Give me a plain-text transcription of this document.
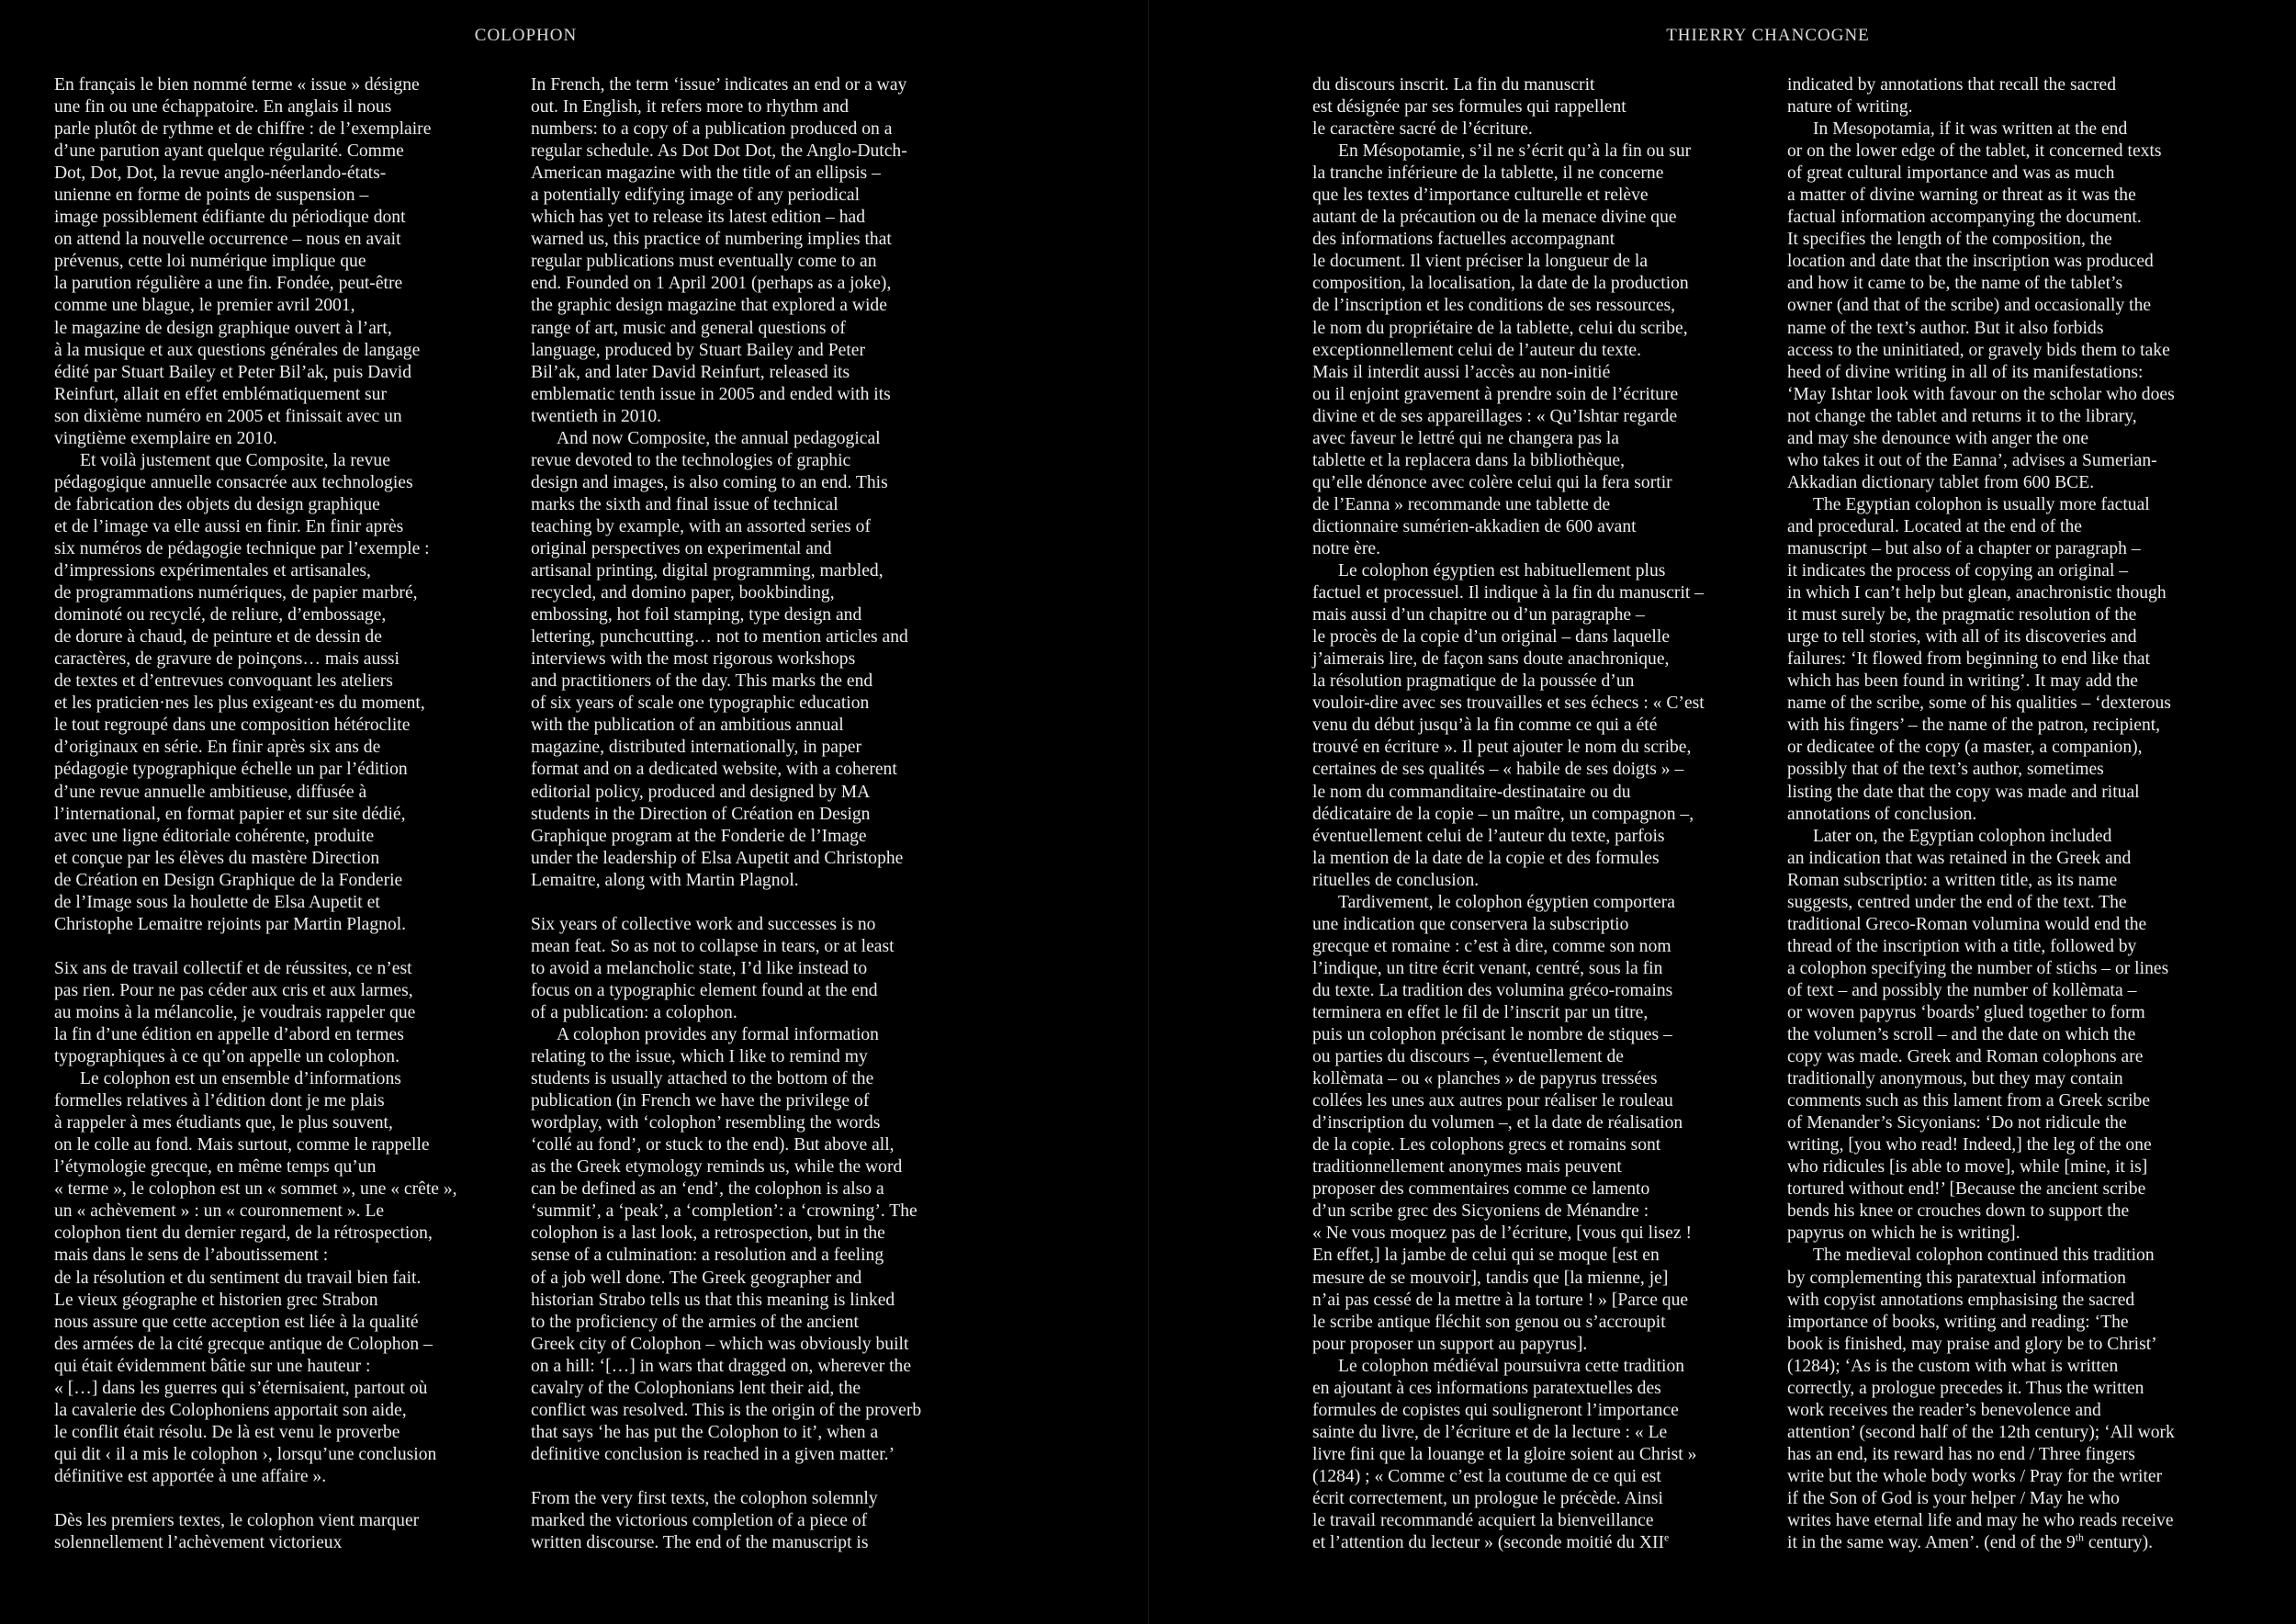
COLOPHON	THIERRY CHANCOGNE
En français le bien nommé terme « issue » désigne
une fin ou une échappatoire. En anglais il nous
parle plutôt de rythme et de chiffre : de l’exemplaire
d’une parution ayant quelque régularité. Comme
Dot, Dot, Dot, la revue anglo-néerlando-états-
unienne en forme de points de suspension –
image possiblement édifiante du périodique dont
on attend la nouvelle occurrence – nous en avait
prévenus, cette loi numérique implique que
la parution régulière a une fin. Fondée, peut-être
comme une blague, le premier avril 2001,
le magazine de design graphique ouvert à l’art,
à la musique et aux questions générales de langage
édité par Stuart Bailey et Peter Bil’ak, puis David
Reinfurt, allait en effet emblématiquement sur
son dixième numéro en 2005 et finissait avec un
vingtième exemplaire en 2010.
Et voilà justement que Composite, la revue
pédagogique annuelle consacrée aux technologies
de fabrication des objets du design graphique
et de l’image va elle aussi en finir. En finir après
six numéros de pédagogie technique par l’exemple :
d’impressions expérimentales et artisanales,
de programmations numériques, de papier marbré,
dominoté ou recyclé, de reliure, d’embossage,
de dorure à chaud, de peinture et de dessin de
caractères, de gravure de poinçons… mais aussi
de textes et d’entrevues convoquant les ateliers
et les praticien·nes les plus exigeant·es du moment,
le tout regroupé dans une composition hétéroclite
d’originaux en série. En finir après six ans de
pédagogie typographique échelle un par l’édition
d’une revue annuelle ambitieuse, diffusée à
l’international, en format papier et sur site dédié,
avec une ligne éditoriale cohérente, produite
et conçue par les élèves du mastère Direction
de Création en Design Graphique de la Fonderie
de l’Image sous la houlette de Elsa Aupetit et
Christophe Lemaitre rejoints par Martin Plagnol.

Six ans de travail collectif et de réussites, ce n’est
pas rien. Pour ne pas céder aux cris et aux larmes,
au moins à la mélancolie, je voudrais rappeler que
la fin d’une édition en appelle d’abord en termes
typographiques à ce qu’on appelle un colophon.
Le colophon est un ensemble d’informations
formelles relatives à l’édition dont je me plais
à rappeler à mes étudiants que, le plus souvent,
on le colle au fond. Mais surtout, comme le rappelle
l’étymologie grecque, en même temps qu’un
« terme », le colophon est un « sommet », une « crête »,
un « achèvement » : un « couronnement ». Le
colophon tient du dernier regard, de la rétrospection,
mais dans le sens de l’aboutissement :
de la résolution et du sentiment du travail bien fait.
Le vieux géographe et historien grec Strabon
nous assure que cette acception est liée à la qualité
des armées de la cité grecque antique de Colophon –
qui était évidemment bâtie sur une hauteur :
« […] dans les guerres qui s’éternisaient, partout où
la cavalerie des Colophoniens apportait son aide,
le conflit était résolu. De là est venu le proverbe
qui dit ‹ il a mis le colophon ›, lorsqu’une conclusion
définitive est apportée à une affaire ».

Dès les premiers textes, le colophon vient marquer
solennellement l’achèvement victorieux
In French, the term ‘issue’ indicates an end or a way
out. In English, it refers more to rhythm and
numbers: to a copy of a publication produced on a
regular schedule. As Dot Dot Dot, the Anglo-Dutch-
American magazine with the title of an ellipsis –
a potentially edifying image of any periodical
which has yet to release its latest edition – had
warned us, this practice of numbering implies that
regular publications must eventually come to an
end. Founded on 1 April 2001 (perhaps as a joke),
the graphic design magazine that explored a wide
range of art, music and general questions of
language, produced by Stuart Bailey and Peter
Bil’ak, and later David Reinfurt, released its
emblematic tenth issue in 2005 and ended with its
twentieth in 2010.
And now Composite, the annual pedagogical
revue devoted to the technologies of graphic
design and images, is also coming to an end. This
marks the sixth and final issue of technical
teaching by example, with an assorted series of
original perspectives on experimental and
artisanal printing, digital programming, marbled,
recycled, and domino paper, bookbinding,
embossing, hot foil stamping, type design and
lettering, punchcutting… not to mention articles and
interviews with the most rigorous workshops
and practitioners of the day. This marks the end
of six years of scale one typographic education
with the publication of an ambitious annual
magazine, distributed internationally, in paper
format and on a dedicated website, with a coherent
editorial policy, produced and designed by MA
students in the Direction of Création en Design
Graphique program at the Fonderie de l’Image
under the leadership of Elsa Aupetit and Christophe
Lemaitre, along with Martin Plagnol.

Six years of collective work and successes is no
mean feat. So as not to collapse in tears, or at least
to avoid a melancholic state, I’d like instead to
focus on a typographic element found at the end
of a publication: a colophon.
A colophon provides any formal information
relating to the issue, which I like to remind my
students is usually attached to the bottom of the
publication (in French we have the privilege of
wordplay, with ‘colophon’ resembling the words
‘collé au fond’, or stuck to the end). But above all,
as the Greek etymology reminds us, while the word
can be defined as an ‘end’, the colophon is also a
‘summit’, a ‘peak’, a ‘completion’: a ‘crowning’. The
colophon is a last look, a retrospection, but in the
sense of a culmination: a resolution and a feeling
of a job well done. The Greek geographer and
historian Strabo tells us that this meaning is linked
to the proficiency of the armies of the ancient
Greek city of Colophon – which was obviously built
on a hill: ‘[…] in wars that dragged on, wherever the
cavalry of the Colophonians lent their aid, the
conflict was resolved. This is the origin of the proverb
that says ‘he has put the Colophon to it’, when a
definitive conclusion is reached in a given matter.’

From the very first texts, the colophon solemnly
marked the victorious completion of a piece of
written discourse. The end of the manuscript is
du discours inscrit. La fin du manuscrit
est désignée par ses formules qui rappellent
le caractère sacré de l’écriture.
En Mésopotamie, s’il ne s’écrit qu’à la fin ou sur
la tranche inférieure de la tablette, il ne concerne
que les textes d’importance culturelle et relève
autant de la précaution ou de la menace divine que
des informations factuelles accompagnant
le document. Il vient préciser la longueur de la
composition, la localisation, la date de la production
de l’inscription et les conditions de ses ressources,
le nom du propriétaire de la tablette, celui du scribe,
exceptionnellement celui de l’auteur du texte.
Mais il interdit aussi l’accès au non-initié
ou il enjoint gravement à prendre soin de l’écriture
divine et de ses appareillages : « Qu’Ishtar regarde
avec faveur le lettré qui ne changera pas la
tablette et la replacera dans la bibliothèque,
qu’elle dénonce avec colère celui qui la fera sortir
de l’Eanna » recommande une tablette de
dictionnaire sumérien-akkadien de 600 avant
notre ère.
Le colophon égyptien est habituellement plus
factuel et processuel. Il indique à la fin du manuscrit –
mais aussi d’un chapitre ou d’un paragraphe –
le procès de la copie d’un original – dans laquelle
j’aimerais lire, de façon sans doute anachronique,
la résolution pragmatique de la poussée d’un
vouloir-dire avec ses trouvailles et ses échecs : « C’est
venu du début jusqu’à la fin comme ce qui a été
trouvé en écriture ». Il peut ajouter le nom du scribe,
certaines de ses qualités – « habile de ses doigts » –
le nom du commanditaire-destinataire ou du
dédicataire de la copie – un maître, un compagnon –,
éventuellement celui de l’auteur du texte, parfois
la mention de la date de la copie et des formules
rituelles de conclusion.
Tardivement, le colophon égyptien comportera
une indication que conservera la subscriptio
grecque et romaine : c’est à dire, comme son nom
l’indique, un titre écrit venant, centré, sous la fin
du texte. La tradition des volumina gréco-romains
terminera en effet le fil de l’inscrit par un titre,
puis un colophon précisant le nombre de stiques –
ou parties du discours –, éventuellement de
kollèmata – ou « planches » de papyrus tressées
collées les unes aux autres pour réaliser le rouleau
d’inscription du volumen –, et la date de réalisation
de la copie. Les colophons grecs et romains sont
traditionnellement anonymes mais peuvent
proposer des commentaires comme ce lamento
d’un scribe grec des Sicyoniens de Ménandre :
« Ne vous moquez pas de l’écriture, [vous qui lisez !
En effet,] la jambe de celui qui se moque [est en
mesure de se mouvoir], tandis que [la mienne, je]
n’ai pas cessé de la mettre à la torture ! » [Parce que
le scribe antique fléchit son genou ou s’accroupit
pour proposer un support au papyrus].
Le colophon médiéval poursuivra cette tradition
en ajoutant à ces informations paratextuelles des
formules de copistes qui souligneront l’importance
sainte du livre, de l’écriture et de la lecture : « Le
livre fini que la louange et la gloire soient au Christ »
(1284) ; « Comme c’est la coutume de ce qui est
écrit correctement, un prologue le précède. Ainsi
le travail recommandé acquiert la bienveillance
et l’attention du lecteur » (seconde moitié du XIIe
indicated by annotations that recall the sacred
nature of writing.
In Mesopotamia, if it was written at the end
or on the lower edge of the tablet, it concerned texts
of great cultural importance and was as much
a matter of divine warning or threat as it was the
factual information accompanying the document.
It specifies the length of the composition, the
location and date that the inscription was produced
and how it came to be, the name of the tablet’s
owner (and that of the scribe) and occasionally the
name of the text’s author. But it also forbids
access to the uninitiated, or gravely bids them to take
heed of divine writing in all of its manifestations:
‘May Ishtar look with favour on the scholar who does
not change the tablet and returns it to the library,
and may she denounce with anger the one
who takes it out of the Eanna’, advises a Sumerian-
Akkadian dictionary tablet from 600 BCE.
The Egyptian colophon is usually more factual
and procedural. Located at the end of the
manuscript – but also of a chapter or paragraph –
it indicates the process of copying an original –
in which I can’t help but glean, anachronistic though
it must surely be, the pragmatic resolution of the
urge to tell stories, with all of its discoveries and
failures: ‘It flowed from beginning to end like that
which has been found in writing’. It may add the
name of the scribe, some of his qualities – ‘dexterous
with his fingers’ – the name of the patron, recipient,
or dedicatee of the copy (a master, a companion),
possibly that of the text’s author, sometimes
listing the date that the copy was made and ritual
annotations of conclusion.
Later on, the Egyptian colophon included
an indication that was retained in the Greek and
Roman subscriptio: a written title, as its name
suggests, centred under the end of the text. The
traditional Greco-Roman volumina would end the
thread of the inscription with a title, followed by
a colophon specifying the number of stichs – or lines
of text – and possibly the number of kollèmata –
or woven papyrus ‘boards’ glued together to form
the volumen’s scroll – and the date on which the
copy was made. Greek and Roman colophons are
traditionally anonymous, but they may contain
comments such as this lament from a Greek scribe
of Menander’s Sicyonians: ‘Do not ridicule the
writing, [you who read! Indeed,] the leg of the one
who ridicules [is able to move], while [mine, it is]
tortured without end!’ [Because the ancient scribe
bends his knee or crouches down to support the
papyrus on which he is writing].
The medieval colophon continued this tradition
by complementing this paratextual information
with copyist annotations emphasising the sacred
importance of books, writing and reading: ‘The
book is finished, may praise and glory be to Christ’
(1284); ‘As is the custom with what is written
correctly, a prologue precedes it. Thus the written
work receives the reader’s benevolence and
attention’ (second half of the 12th century); ‘All work
has an end, its reward has no end / Three fingers
write but the whole body works / Pray for the writer
if the Son of God is your helper / May he who
writes have eternal life and may he who reads receive
it in the same way. Amen’. (end of the 9th century).
